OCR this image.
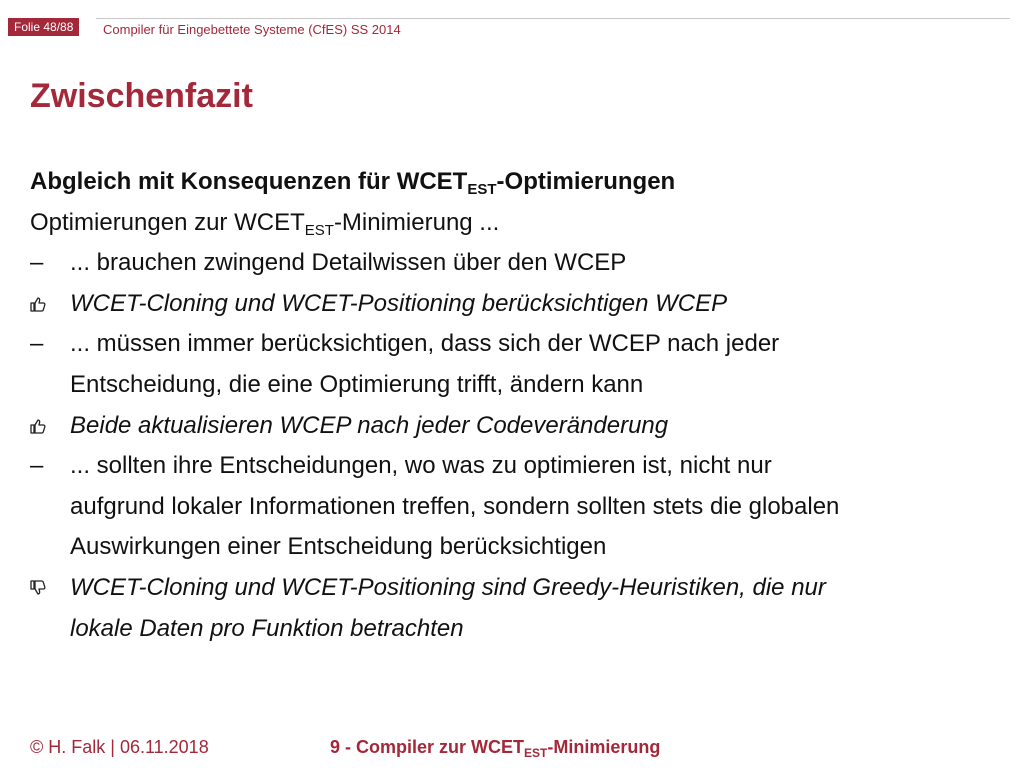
Folie 48/88	Compiler für Eingebettete Systeme (CfES) SS 2014
Zwischenfazit
Abgleich mit Konsequenzen für $WCET_{EST}$-Optimierungen
Optimierungen zur $WCET_{EST}$-Minimierung ...
–	... brauchen zwingend Detailwissen über den WCEP
WCET-Cloning und WCET-Positioning berücksichtigen WCEP
–	... müssen immer berücksichtigen, dass sich der WCEP nach jeder
Entscheidung, die eine Optimierung trifft, ändern kann
Beide aktualisieren WCEP nach jeder Codeveränderung
–	... sollten ihre Entscheidungen, wo was zu optimieren ist, nicht nur
aufgrund lokaler Informationen treffen, sondern sollten stets die globalen
Auswirkungen einer Entscheidung berücksichtigen
WCET-Cloning und WCET-Positioning sind Greedy-Heuristiken, die nur
lokale Daten pro Funktion betrachten
© H. Falk | 06.11.2018	9 - Compiler zur $WCET_{EST}$-Minimierung
